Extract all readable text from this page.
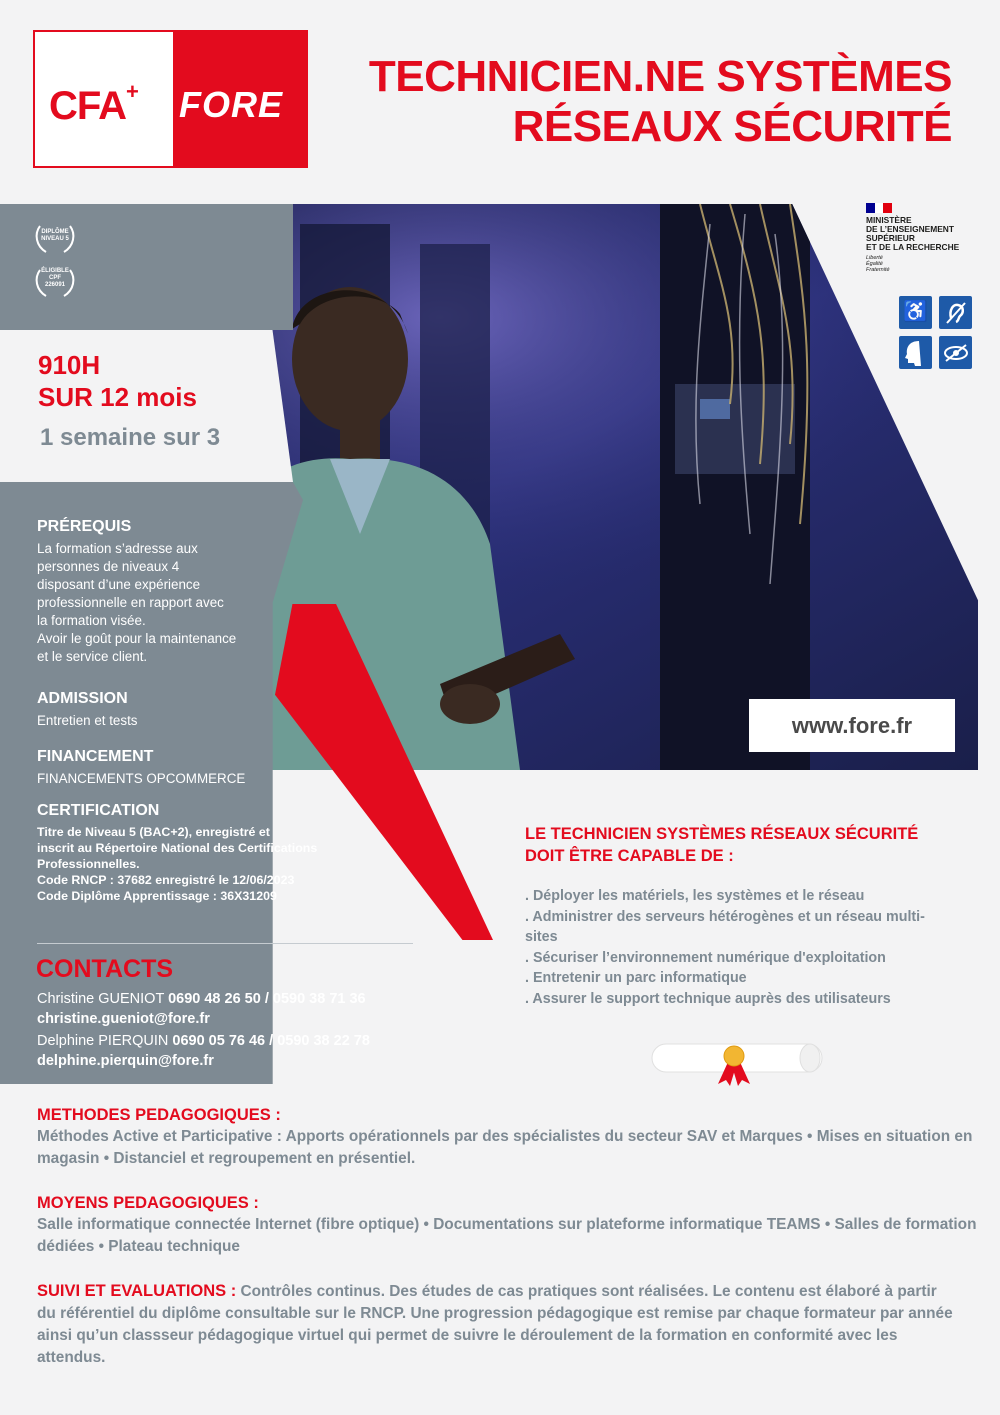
CFA+ FORE
TECHNICIEN.NE SYSTÈMES
RÉSEAUX SÉCURITÉ
DIPLÔME
NIVEAU 5
ÉLIGIBLE
CPF
226091
910H
SUR 12 mois
1 semaine sur 3
PRÉREQUIS

La formation s’adresse aux

personnes de niveaux 4

disposant d’une expérience

professionnelle en rapport avec

la formation visée.

Avoir le goût pour la maintenance

et le service client.

ADMISSION

Entretien et tests

FINANCEMENT

FINANCEMENTS OPCOMMERCE

CERTIFICATION
Titre de Niveau 5 (BAC+2), enregistré et
inscrit au Répertoire National des Certifications
Professionnelles.
Code RNCP : 37682 enregistré le 12/06/2023
Code Diplôme Apprentissage : 36X31209
CONTACTS
Christine GUENIOT 0690 48 26 50 / 0590 38 71 36
christine.gueniot@fore.fr
Delphine PIERQUIN 0690 05 76 46 / 0590 38 22 78
delphine.pierquin@fore.fr
MINISTÈRE
DE L’ENSEIGNEMENT
SUPÉRIEUR
ET DE LA RECHERCHE
Liberté
Égalité
Fraternité
♿
www.fore.fr
LE TECHNICIEN SYSTÈMES RÉSEAUX SÉCURITÉ
DOIT ÊTRE CAPABLE DE :
. Déployer les matériels, les systèmes et le réseau
. Administrer des serveurs hétérogènes et un réseau multi-sites
. Sécuriser l’environnement numérique d'exploitation
. Entretenir un parc informatique
. Assurer le support technique auprès des utilisateurs
METHODES PEDAGOGIQUES :

Méthodes Active et Participative : Apports opérationnels par des spécialistes du secteur SAV et Marques • Mises en situation en magasin • Distanciel et regroupement en présentiel.

MOYENS PEDAGOGIQUES :

Salle informatique connectée Internet (fibre optique) • Documentations sur plateforme informatique TEAMS • Salles de formation dédiées • Plateau technique

SUIVI ET EVALUATIONS : Contrôles continus. Des études de cas pratiques sont réalisées. Le contenu est élaboré à partir du référentiel du diplôme consultable sur le RNCP. Une progression pédagogique est remise par chaque formateur par année ainsi qu’un classseur pédagogique virtuel qui permet de suivre le déroulement de la formation en conformité avec les attendus.
